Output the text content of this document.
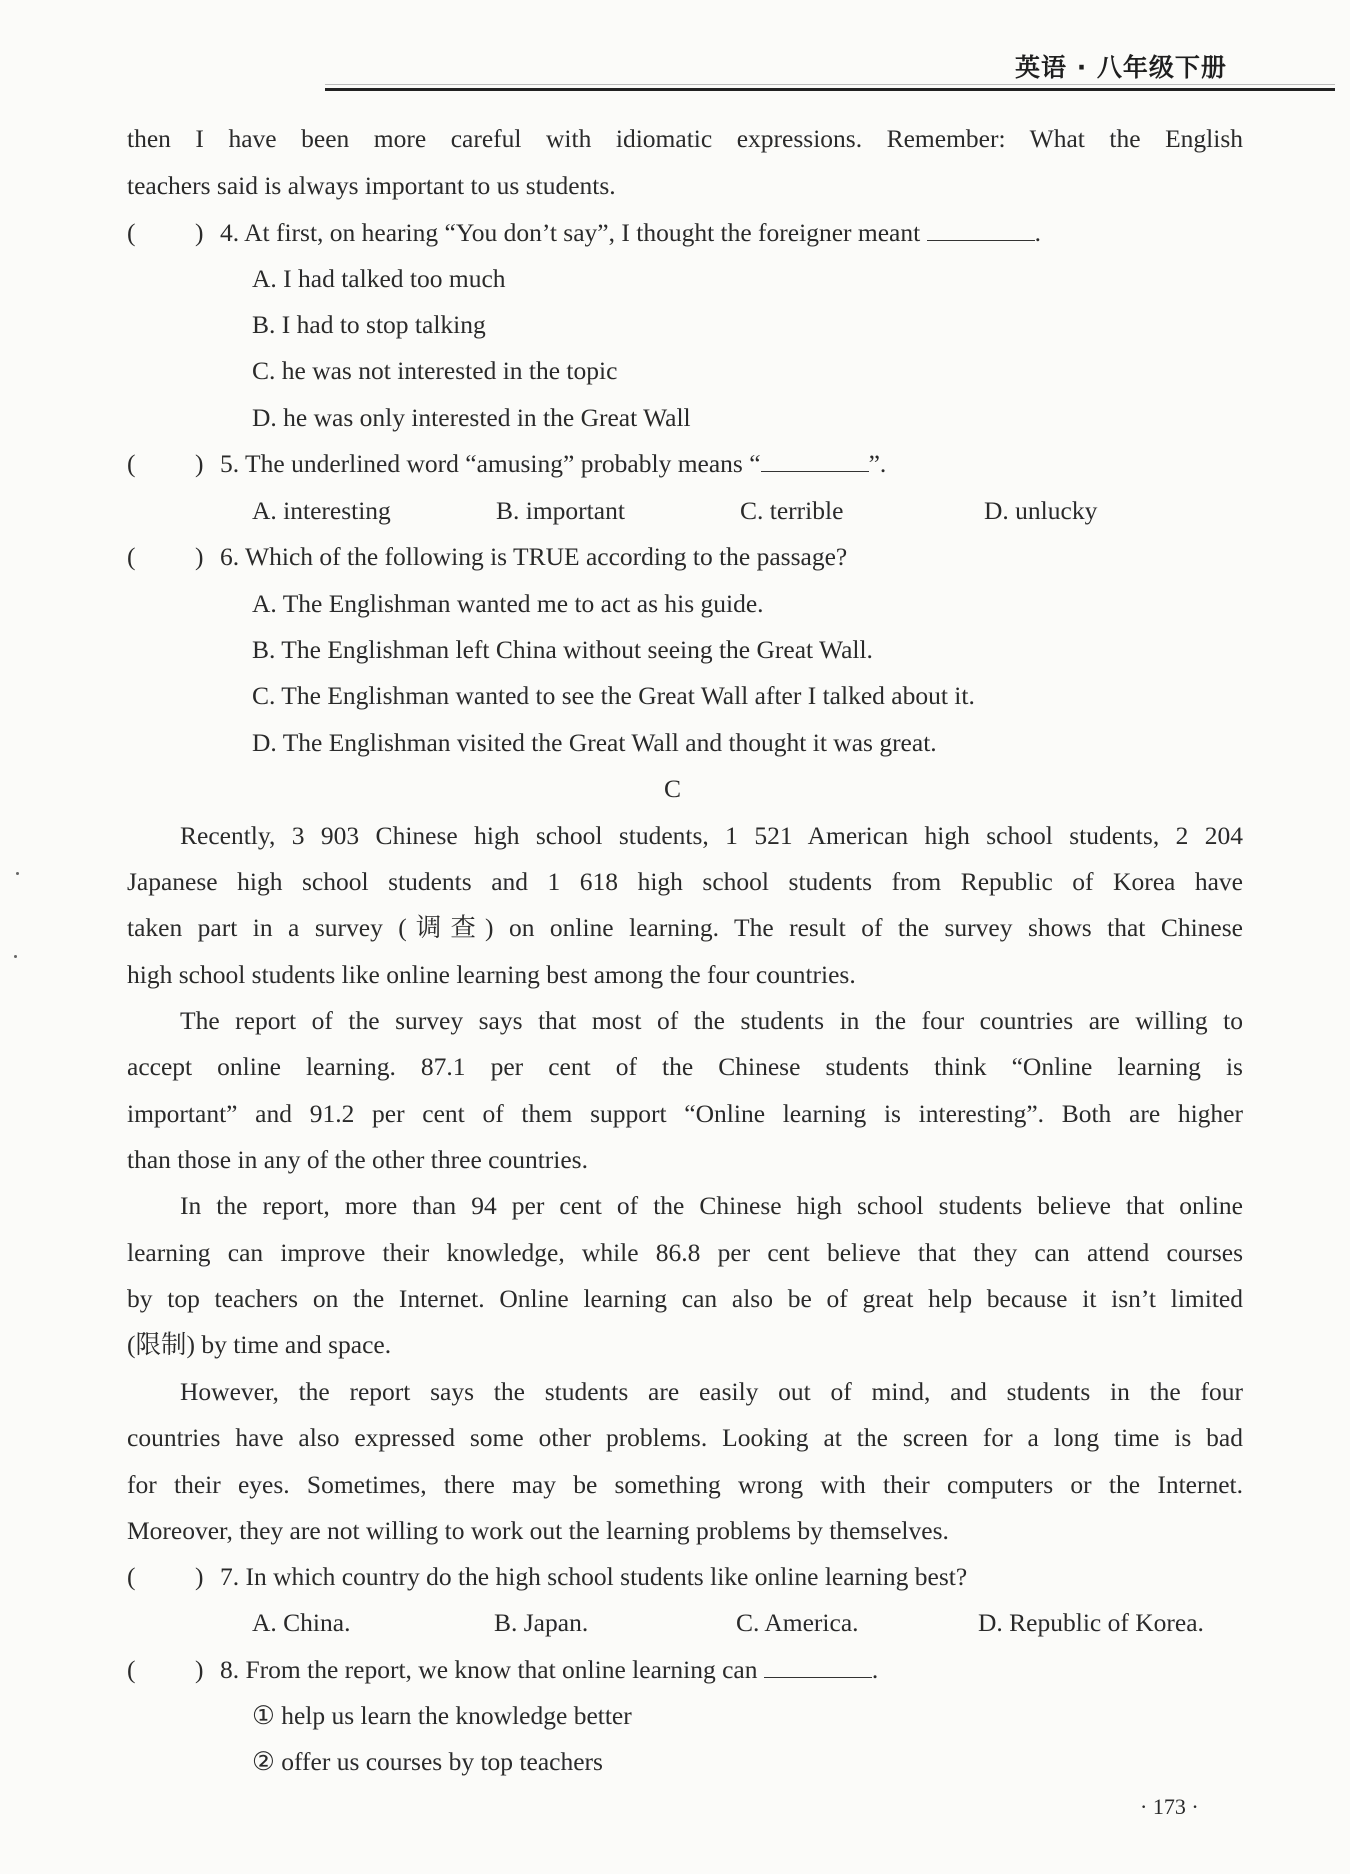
英语 · 八年级下册
then I have been more careful with idiomatic expressions. Remember: What the English
teachers said is always important to us students.
( ) 4. At first, on hearing “You don’t say”, I thought the foreigner meant	.
A. I had talked too much
B. I had to stop talking
C. he was not interested in the topic
D. he was only interested in the Great Wall
( ) 5. The underlined word “amusing” probably means “	”.
A. interesting	B. important	C. terrible	D. unlucky
( ) 6. Which of the following is TRUE according to the passage?
A. The Englishman wanted me to act as his guide.
B. The Englishman left China without seeing the Great Wall.
C. The Englishman wanted to see the Great Wall after I talked about it.
D. The Englishman visited the Great Wall and thought it was great.
C
Recently, 3 903 Chinese high school students, 1 521 American high school students, 2 204
Japanese high school students and 1 618 high school students from Republic of Korea have
taken part in a survey (调查) on online learning. The result of the survey shows that Chinese
high school students like online learning best among the four countries.
The report of the survey says that most of the students in the four countries are willing to
accept online learning. 87.1 per cent of the Chinese students think “Online learning is
important” and 91.2 per cent of them support “Online learning is interesting”. Both are higher
than those in any of the other three countries.
In the report, more than 94 per cent of the Chinese high school students believe that online
learning can improve their knowledge, while 86.8 per cent believe that they can attend courses
by top teachers on the Internet. Online learning can also be of great help because it isn’t limited
(限制) by time and space.
However, the report says the students are easily out of mind, and students in the four
countries have also expressed some other problems. Looking at the screen for a long time is bad
for their eyes. Sometimes, there may be something wrong with their computers or the Internet.
Moreover, they are not willing to work out the learning problems by themselves.
( ) 7. In which country do the high school students like online learning best?
A. China.	B. Japan.	C. America.	D. Republic of Korea.
( ) 8. From the report, we know that online learning can	.
① help us learn the knowledge better
② offer us courses by top teachers
· 173 ·
